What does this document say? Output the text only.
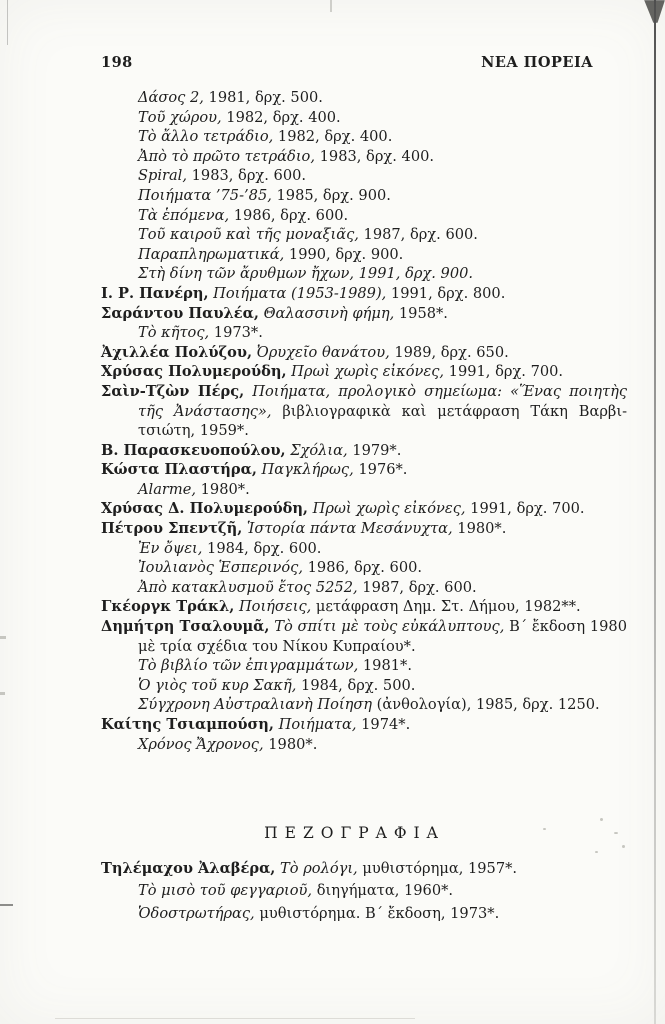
198	ΝΕΑ ΠΟΡΕΙΑ
Δάσος 2, 1981, δρχ. 500.
Τοῦ χώρου, 1982, δρχ. 400.
Τὸ ἄλλο τετράδιο, 1982, δρχ. 400.
Ἀπὸ τὸ πρῶτο τετράδιο, 1983, δρχ. 400.
Spiral, 1983, δρχ. 600.
Ποιήματα ’75-’85, 1985, δρχ. 900.
Τὰ ἑπόμενα, 1986, δρχ. 600.
Τοῦ καιροῦ καὶ τῆς μοναξιᾶς, 1987, δρχ. 600.
Παραπληρωματικά, 1990, δρχ. 900.
Στὴ δίνη τῶν ἄρυθμων ἤχων, 1991, δρχ. 900.
Ι. Ρ. Πανέρη, Ποιήματα (1953-1989), 1991, δρχ. 800.
Σαράντου Παυλέα, Θαλασσινὴ φήμη, 1958*.
Τὸ κῆτος, 1973*.
Ἀχιλλέα Πολύζου, Ὀρυχεῖο θανάτου, 1989, δρχ. 650.
Χρύσας Πολυμερούδη, Πρωὶ χωρὶς εἰκόνες, 1991, δρχ. 700.
Σαὶν-Τζὼν Πέρς, Ποιήματα, προλογικὸ σημείωμα: «Ἕνας ποιητὴς
τῆς Ἀνάστασης», βιβλιογραφικὰ καὶ μετάφραση Τάκη Βαρβι-
τσιώτη, 1959*.
Β. Παρασκευοπούλου, Σχόλια, 1979*.
Κώστα Πλαστήρα, Παγκλήρως, 1976*.
Alarme, 1980*.
Χρύσας Δ. Πολυμερούδη, Πρωὶ χωρὶς εἰκόνες, 1991, δρχ. 700.
Πέτρου Σπεντζῆ, Ἱστορία πάντα Μεσάνυχτα, 1980*.
Ἐν ὄψει, 1984, δρχ. 600.
Ἰουλιανὸς Ἑσπερινός, 1986, δρχ. 600.
Ἀπὸ κατακλυσμοῦ ἔτος 5252, 1987, δρχ. 600.
Γκέοργκ Τράκλ, Ποιήσεις, μετάφραση Δημ. Στ. Δήμου, 1982**.
Δημήτρη Τσαλουμᾶ, Τὸ σπίτι μὲ τοὺς εὐκάλυπτους, Β΄ ἔκδοση 1980
μὲ τρία σχέδια του Νίκου Κυπραίου*.
Τὸ βιβλίο τῶν ἐπιγραμμάτων, 1981*.
Ὁ γιὸς τοῦ κυρ Σακῆ, 1984, δρχ. 500.
Σύγχρονη Αὐστραλιανὴ Ποίηση (ἀνθολογία), 1985, δρχ. 1250.
Καίτης Τσιαμπούση, Ποιήματα, 1974*.
Χρόνος Ἄχρονος, 1980*.
ΠΕΖΟΓΡΑΦΙΑ
Τηλέμαχου Ἀλαβέρα, Τὸ ρολόγι, μυθιστόρημα, 1957*.
Τὸ μισὸ τοῦ φεγγαριοῦ, διηγήματα, 1960*.
Ὁδοστρωτήρας, μυθιστόρημα. Β΄ ἔκδοση, 1973*.
